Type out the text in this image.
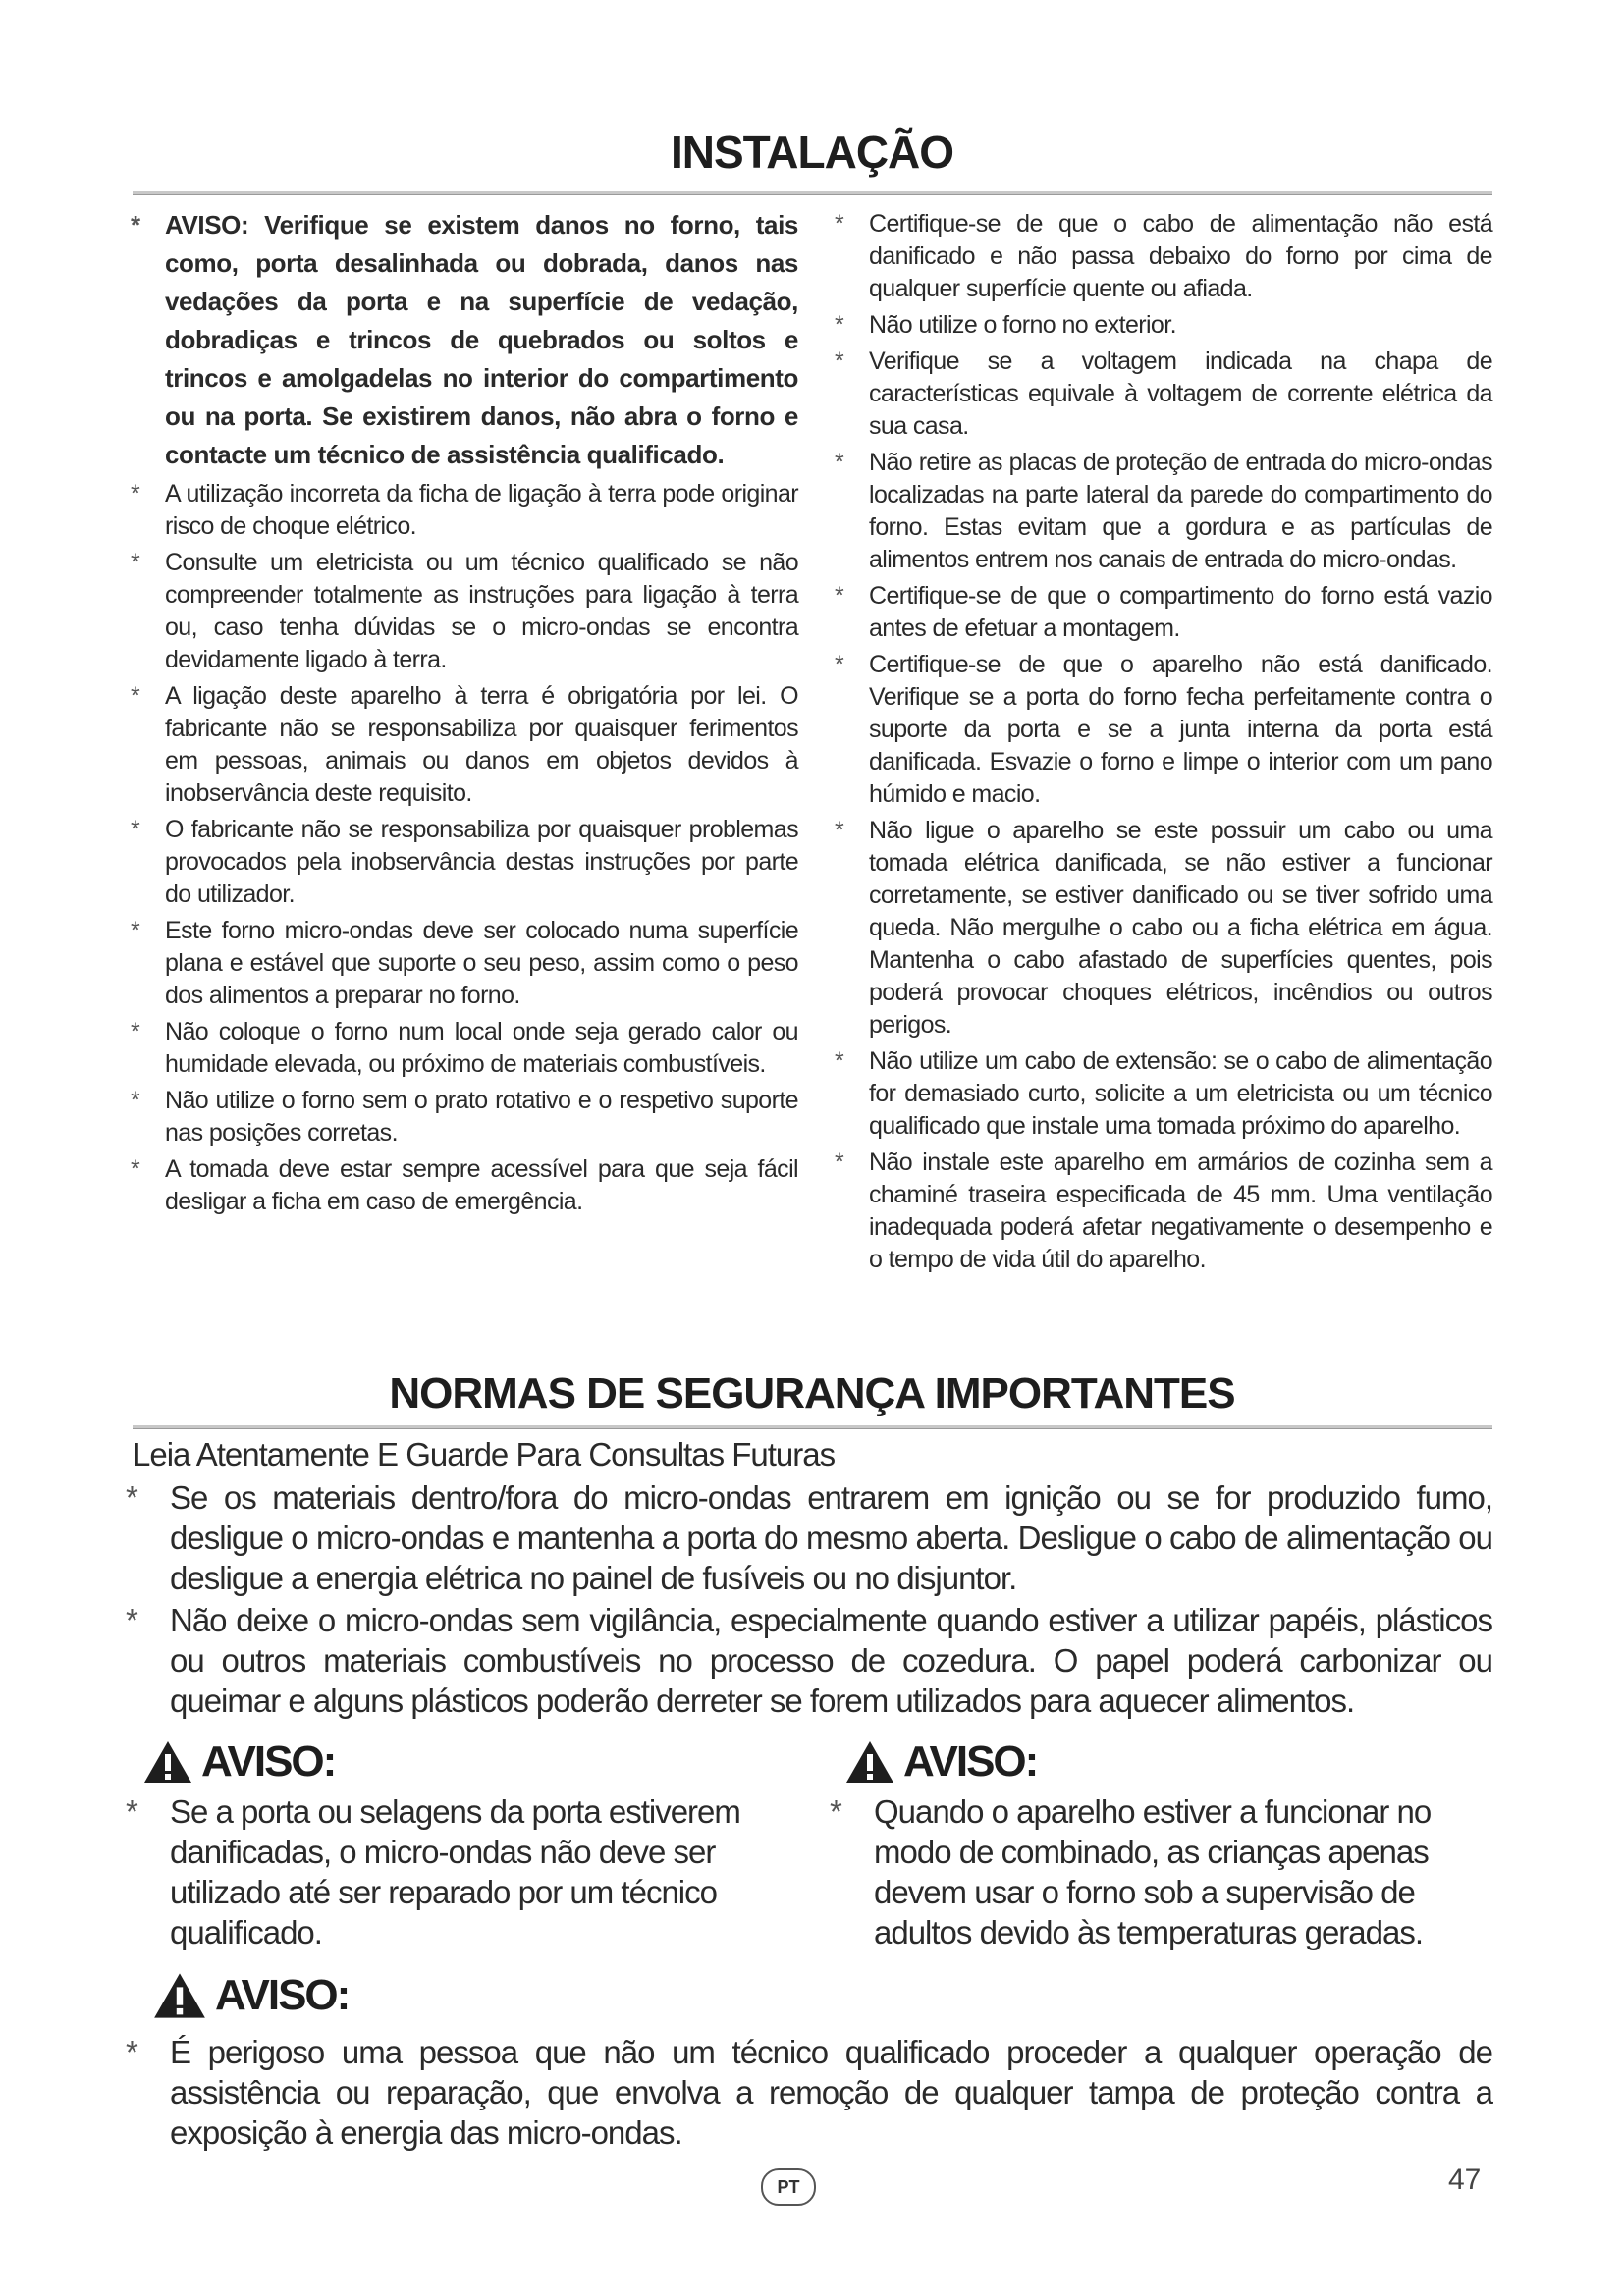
INSTALAÇÃO
* AVISO: Verifique se existem danos no forno, tais como, porta desalinhada ou dobrada, danos nas vedações da porta e na superfície de vedação, dobradiças e trincos de quebrados ou soltos e trincos e amolgadelas no interior do compartimento ou na porta. Se existirem danos, não abra o forno e contacte um técnico de assistência qualificado.
* A utilização incorreta da ficha de ligação à terra pode originar risco de choque elétrico.
* Consulte um eletricista ou um técnico qualificado se não compreender totalmente as instruções para ligação à terra ou, caso tenha dúvidas se o micro-ondas se encontra devidamente ligado à terra.
* A ligação deste aparelho à terra é obrigatória por lei. O fabricante não se responsabiliza por quaisquer ferimentos em pessoas, animais ou danos em objetos devidos à inobservância deste requisito.
* O fabricante não se responsabiliza por quaisquer problemas provocados pela inobservância destas instruções por parte do utilizador.
* Este forno micro-ondas deve ser colocado numa superfície plana e estável que suporte o seu peso, assim como o peso dos alimentos a preparar no forno.
* Não coloque o forno num local onde seja gerado calor ou humidade elevada, ou próximo de materiais combustíveis.
* Não utilize o forno sem o prato rotativo e o respetivo suporte nas posições corretas.
* A tomada deve estar sempre acessível para que seja fácil desligar a ficha em caso de emergência.
* Certifique-se de que o cabo de alimentação não está danificado e não passa debaixo do forno por cima de qualquer superfície quente ou afiada.
* Não utilize o forno no exterior.
* Verifique se a voltagem indicada na chapa de características equivale à voltagem de corrente elétrica da sua casa.
* Não retire as placas de proteção de entrada do micro-ondas localizadas na parte lateral da parede do compartimento do forno. Estas evitam que a gordura e as partículas de alimentos entrem nos canais de entrada do micro-ondas.
* Certifique-se de que o compartimento do forno está vazio antes de efetuar a montagem.
* Certifique-se de que o aparelho não está danificado. Verifique se a porta do forno fecha perfeitamente contra o suporte da porta e se a junta interna da porta está danificada. Esvazie o forno e limpe o interior com um pano húmido e macio.
* Não ligue o aparelho se este possuir um cabo ou uma tomada elétrica danificada, se não estiver a funcionar corretamente, se estiver danificado ou se tiver sofrido uma queda. Não mergulhe o cabo ou a ficha elétrica em água. Mantenha o cabo afastado de superfícies quentes, pois poderá provocar choques elétricos, incêndios ou outros perigos.
* Não utilize um cabo de extensão: se o cabo de alimentação for demasiado curto, solicite a um eletricista ou um técnico qualificado que instale uma tomada próximo do aparelho.
* Não instale este aparelho em armários de cozinha sem a chaminé traseira especificada de 45 mm. Uma ventilação inadequada poderá afetar negativamente o desempenho e o tempo de vida útil do aparelho.
NORMAS DE SEGURANÇA IMPORTANTES
Leia Atentamente E Guarde Para Consultas Futuras
* Se os materiais dentro/fora do micro-ondas entrarem em ignição ou se for produzido fumo, desligue o micro-ondas e mantenha a porta do mesmo aberta. Desligue o cabo de alimentação ou desligue a energia elétrica no painel de fusíveis ou no disjuntor.
* Não deixe o micro-ondas sem vigilância, especialmente quando estiver a utilizar papéis, plásticos ou outros materiais combustíveis no processo de cozedura. O papel poderá carbonizar ou queimar e alguns plásticos poderão derreter se forem utilizados para aquecer alimentos.
AVISO:
* Se a porta ou selagens da porta estiverem danificadas, o micro-ondas não deve ser utilizado até ser reparado por um técnico qualificado.
AVISO:
* Quando o aparelho estiver a funcionar no modo de combinado, as crianças apenas devem usar o forno sob a supervisão de adultos devido às temperaturas geradas.
AVISO:
* É perigoso uma pessoa que não um técnico qualificado proceder a qualquer operação de assistência ou reparação, que envolva a remoção de qualquer tampa de proteção contra a exposição à energia das micro-ondas.
PT	47
